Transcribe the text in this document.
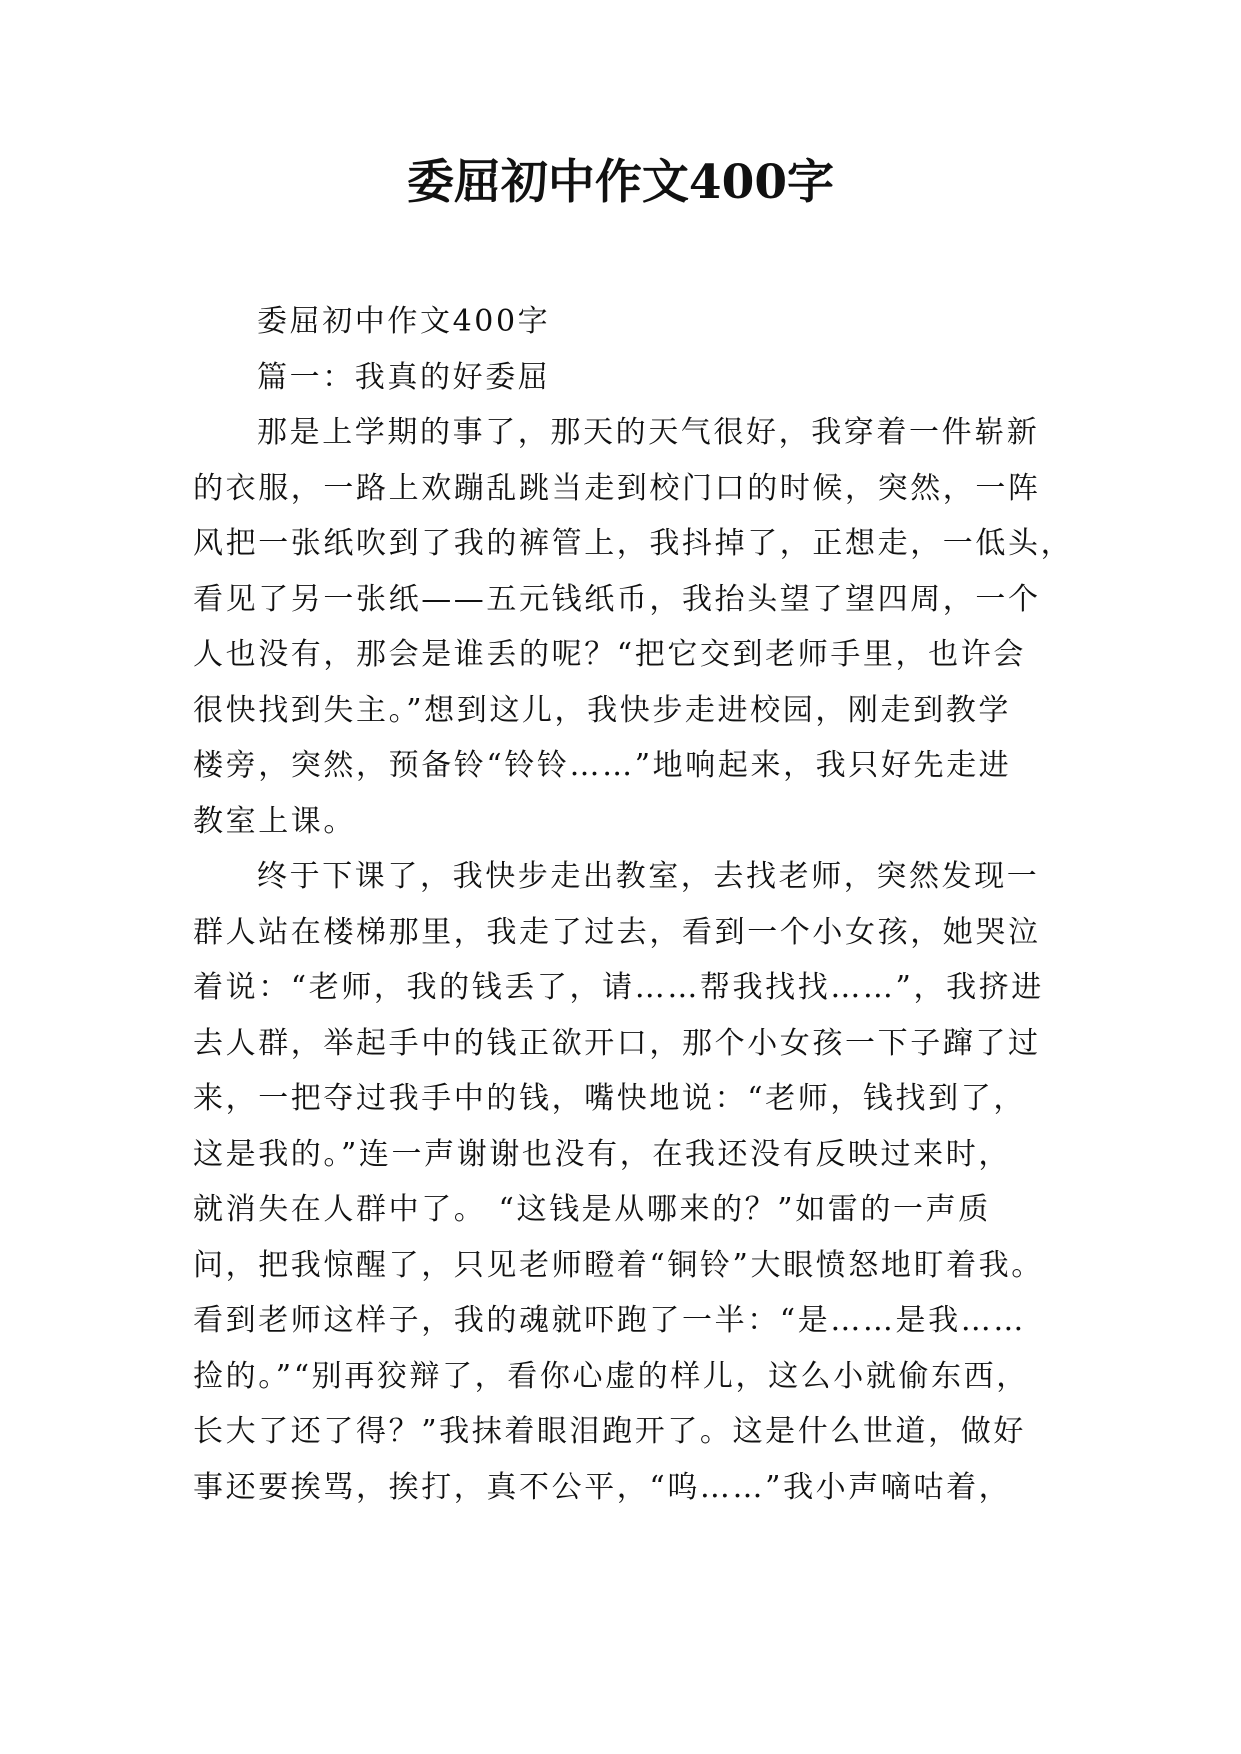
委屈初中作文400字
委屈初中作文400字
篇一：我真的好委屈
那是上学期的事了，那天的天气很好，我穿着一件崭新
的衣服，一路上欢蹦乱跳当走到校门口的时候，突然，一阵
风把一张纸吹到了我的裤管上，我抖掉了，正想走，一低头，
看见了另一张纸——五元钱纸币，我抬头望了望四周，一个
人也没有，那会是谁丢的呢？“把它交到老师手里，也许会
很快找到失主。”想到这儿，我快步走进校园，刚走到教学
楼旁，突然，预备铃“铃铃……”地响起来，我只好先走进
教室上课。
终于下课了，我快步走出教室，去找老师，突然发现一
群人站在楼梯那里，我走了过去，看到一个小女孩，她哭泣
着说：“老师，我的钱丢了，请……帮我找找……”，我挤进
去人群，举起手中的钱正欲开口，那个小女孩一下子蹿了过
来，一把夺过我手中的钱，嘴快地说：“老师，钱找到了，
这是我的。”连一声谢谢也没有，在我还没有反映过来时，
就消失在人群中了。 “这钱是从哪来的？”如雷的一声质
问，把我惊醒了，只见老师瞪着“铜铃”大眼愤怒地盯着我。
看到老师这样子，我的魂就吓跑了一半：“是……是我……
捡的。”“别再狡辩了，看你心虚的样儿，这么小就偷东西，
长大了还了得？”我抹着眼泪跑开了。这是什么世道，做好
事还要挨骂，挨打，真不公平，“呜……”我小声嘀咕着，
